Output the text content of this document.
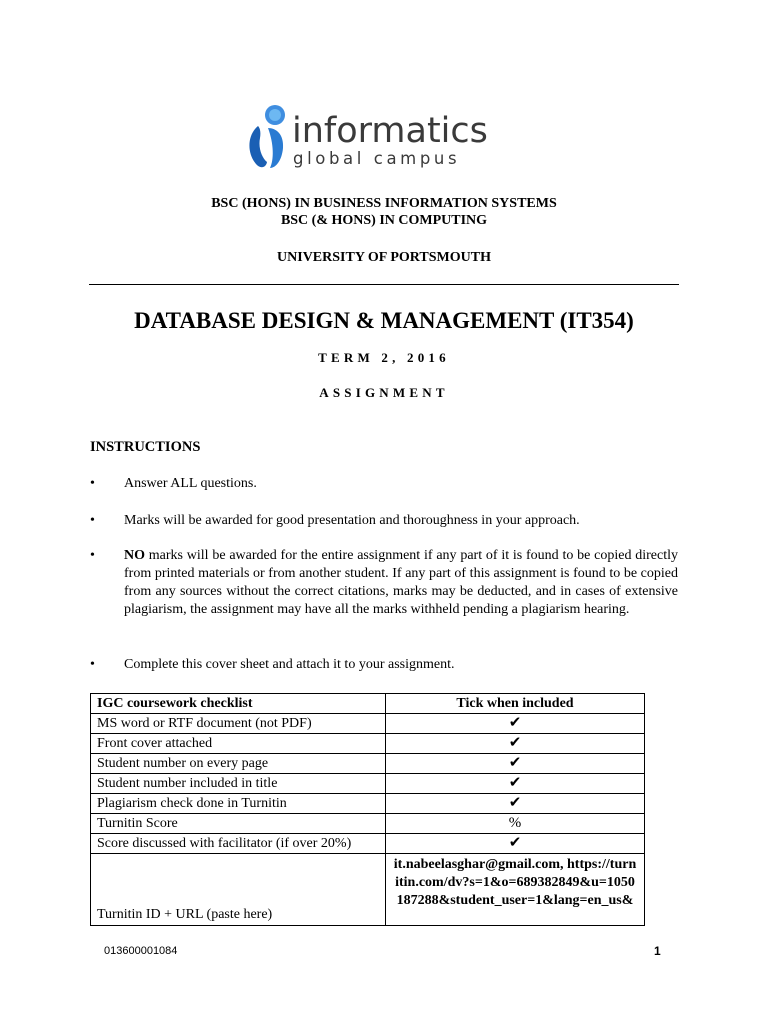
informatics
global campus
BSC (HONS) IN BUSINESS INFORMATION SYSTEMS
BSC (& HONS) IN COMPUTING
UNIVERSITY OF PORTSMOUTH
DATABASE DESIGN & MANAGEMENT (IT354)
TERM 2, 2016
ASSIGNMENT
INSTRUCTIONS
• Answer ALL questions.
• Marks will be awarded for good presentation and thoroughness in your approach.
• NO marks will be awarded for the entire assignment if any part of it is found to be copied directly from printed materials or from another student. If any part of this assignment is found to be copied from any sources without the correct citations, marks may be deducted, and in cases of extensive plagiarism, the assignment may have all the marks withheld pending a plagiarism hearing.
• Complete this cover sheet and attach it to your assignment.
IGC coursework checklist	Tick when included
MS word or RTF document (not PDF)	✔
Front cover attached	✔
Student number on every page	✔
Student number included in title	✔
Plagiarism check done in Turnitin	✔
Turnitin Score	%
Score discussed with facilitator (if over 20%)	✔
Turnitin ID + URL (paste here)	it.nabeelasghar@gmail.com, https://turnitin.com/dv?s=1&o=689382849&u=1050187288&student_user=1&lang=en_us&
013600001084	1
